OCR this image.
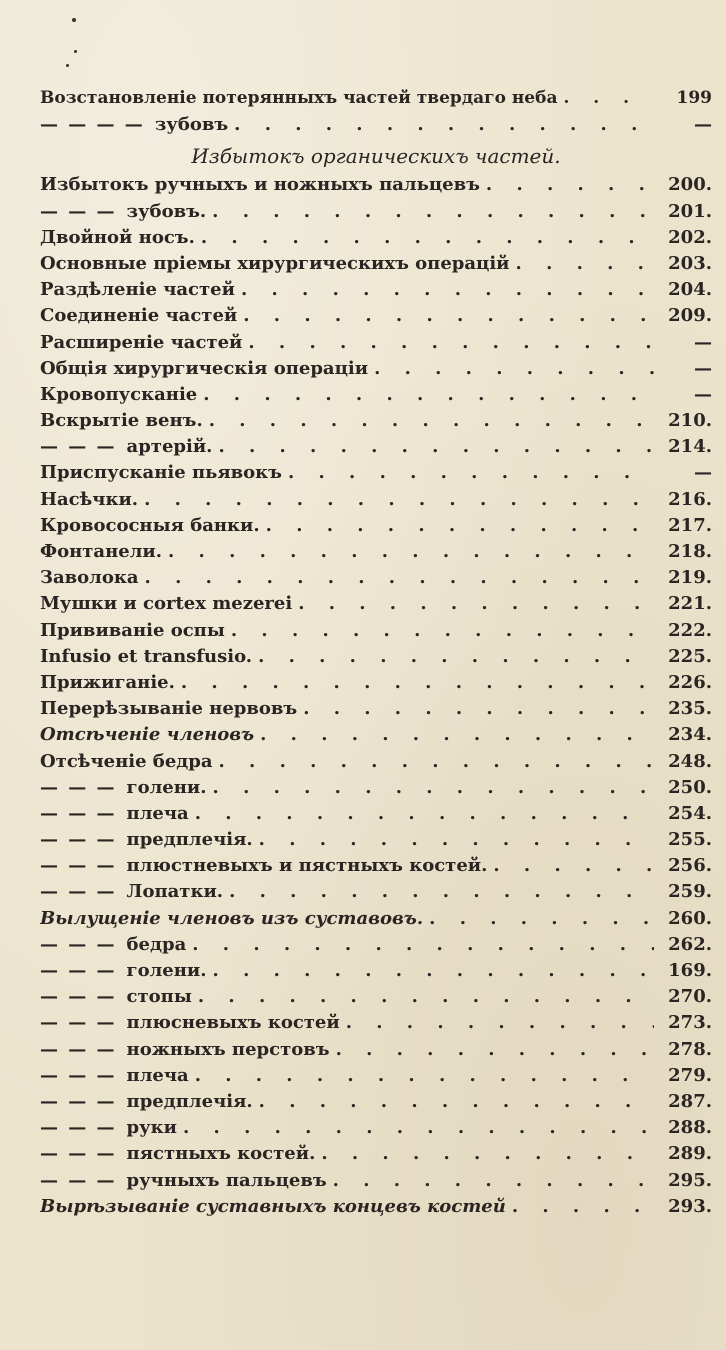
Возстановленіе потерянныхъ частей твердаго неба . . .	199
— — — — зубовъ . . .	—
Избытокъ органическихъ частей.
Избытокъ ручныхъ и ножныхъ пальцевъ . . .	200.
— — — зубовъ. . . .	201.
Двойной носъ. . . .	202.
Основные пріемы хирургическихъ операцій . . .	203.
Раздѣленіе частей . . .	204.
Соединеніе частей . . .	209.
Расширеніе частей . . .	—
Общія хирургическія операціи . . .	—
Кровопусканіе . . .	—
Вскрытіе венъ. . . .	210.
— — — артерій. . . .	214.
Приспусканіе пьявокъ . . .	—
Насѣчки. . . .	216.
Кровососныя банки. . . .	217.
Фонтанели. . . .	218.
Заволока . . .	219.
Мушки и cortex mezerei . . .	221.
Прививаніе оспы . . .	222.
Infusio et transfusio. . . .	225.
Прижиганіе. . . .	226.
Перерѣзываніе нервовъ . . .	235.
Отсѣченіе членовъ . . .	234.
Отсѣченіе бедра . . .	248.
— — — голени. . . .	250.
— — — плеча . . .	254.
— — — предплечія. . . .	255.
— — — плюстневыхъ и пястныхъ костей. . . .	256.
— — — Лопатки. . . .	259.
Вылущеніе членовъ изъ суставовъ. . . .	260.
— — — бедра . . .	262.
— — — голени. . . .	169.
— — — стопы . . .	270.
— — — плюсневыхъ костей . . .	273.
— — — ножныхъ перстовъ . . .	278.
— — — плеча . . .	279.
— — — предплечія. . . .	287.
— — — руки . . .	288.
— — — пястныхъ костей. . . .	289.
— — — ручныхъ пальцевъ . . .	295.
Вырѣзываніе суставныхъ концевъ костей . . .	293.
